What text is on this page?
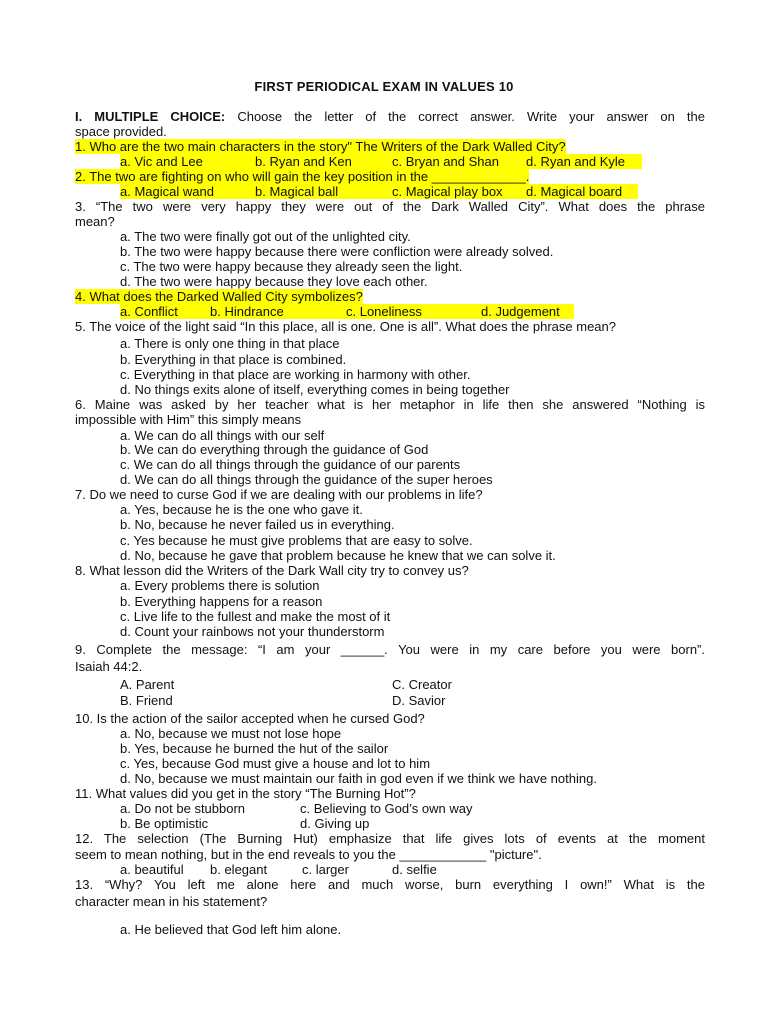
FIRST PERIODICAL EXAM IN VALUES 10
I. MULTIPLE CHOICE: Choose the letter of the correct answer. Write your answer on the
space provided.
1. Who are the two main characters in the story" The Writers of the Dark Walled City?
a. Vic and Lee	b. Ryan and Ken	c. Bryan and Shan d. Ryan and Kyle
2. The two are fighting on who will gain the key position in the _____________.
a. Magical wand	b. Magical ball	c. Magical play box d. Magical board
3. “The two were very happy they were out of the Dark Walled City”. What does the phrase
mean?
a. The two were finally got out of the unlighted city.
b. The two were happy because there were confliction were already solved.
c. The two were happy because they already seen the light.
d. The two were happy because they love each other.
4. What does the Darked Walled City symbolizes?
a. Conflict b. Hindrance	c. Loneliness	d. Judgement
5. The voice of the light said “In this place, all is one. One is all”. What does the phrase mean?
a. There is only one thing in that place
b. Everything in that place is combined.
c. Everything in that place are working in harmony with other.
d. No things exits alone of itself, everything comes in being together
6. Maine was asked by her teacher what is her metaphor in life then she answered “Nothing is
impossible with Him” this simply means
a. We can do all things with our self
b. We can do everything through the guidance of God
c. We can do all things through the guidance of our parents
d. We can do all things through the guidance of the super heroes
7. Do we need to curse God if we are dealing with our problems in life?
a. Yes, because he is the one who gave it.
b. No, because he never failed us in everything.
c. Yes because he must give problems that are easy to solve.
d. No, because he gave that problem because he knew that we can solve it.
8. What lesson did the Writers of the Dark Wall city try to convey us?
a. Every problems there is solution
b. Everything happens for a reason
c. Live life to the fullest and make the most of it
d. Count your rainbows not your thunderstorm
9. Complete the message: “I am your ______. You were in my care before you were born”.
Isaiah 44:2.
A. Parent	C. Creator
B. Friend	D. Savior
10. Is the action of the sailor accepted when he cursed God?
a. No, because we must not lose hope
b. Yes, because he burned the hut of the sailor
c. Yes, because God must give a house and lot to him
d. No, because we must maintain our faith in god even if we think we have nothing.
11. What values did you get in the story “The Burning Hot”?
a. Do not be stubborn	c. Believing to God’s own way
b. Be optimistic	d. Giving up
12. The selection (The Burning Hut) emphasize that life gives lots of events at the moment
seem to mean nothing, but in the end reveals to you the ____________ "picture".
a. beautiful b. elegant	c. larger	d. selfie
13. “Why? You left me alone here and much worse, burn everything I own!” What is the
character mean in his statement?
a. He believed that God left him alone.
